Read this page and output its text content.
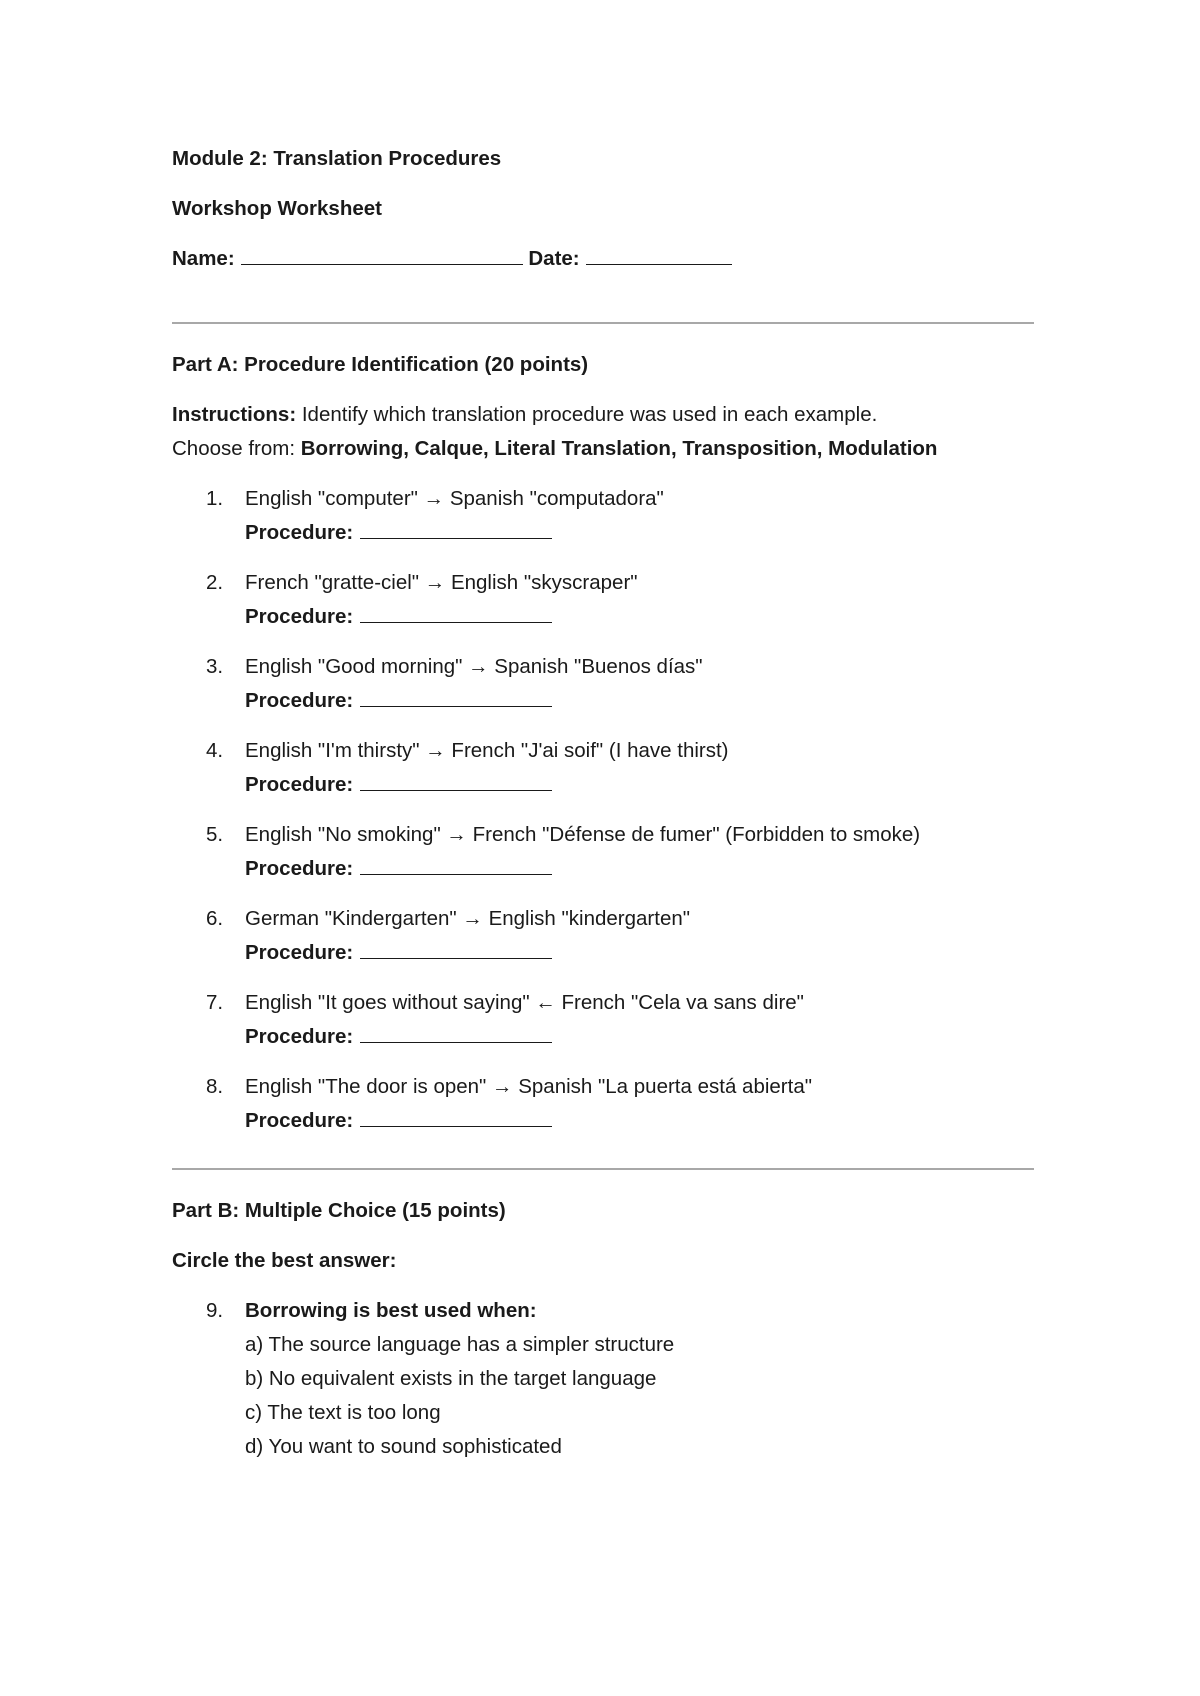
Module 2: Translation Procedures

Workshop Worksheet

Name:	Date:

Part A: Procedure Identification (20 points)

Instructions: Identify which translation procedure was used in each example.
Choose from: Borrowing, Calque, Literal Translation, Transposition, Modulation

1. English "computer" → Spanish "computadora"
Procedure:
2. French "gratte-ciel" → English "skyscraper"
Procedure:
3. English "Good morning" → Spanish "Buenos días"
Procedure:
4. English "I'm thirsty" → French "J'ai soif" (I have thirst)
Procedure:
5. English "No smoking" → French "Défense de fumer" (Forbidden to smoke)
Procedure:
6. German "Kindergarten" → English "kindergarten"
Procedure:
7. English "It goes without saying" ← French "Cela va sans dire"
Procedure:
8. English "The door is open" → Spanish "La puerta está abierta"
Procedure:

Part B: Multiple Choice (15 points)

Circle the best answer:

9. Borrowing is best used when:
a) The source language has a simpler structure
b) No equivalent exists in the target language
c) The text is too long
d) You want to sound sophisticated
